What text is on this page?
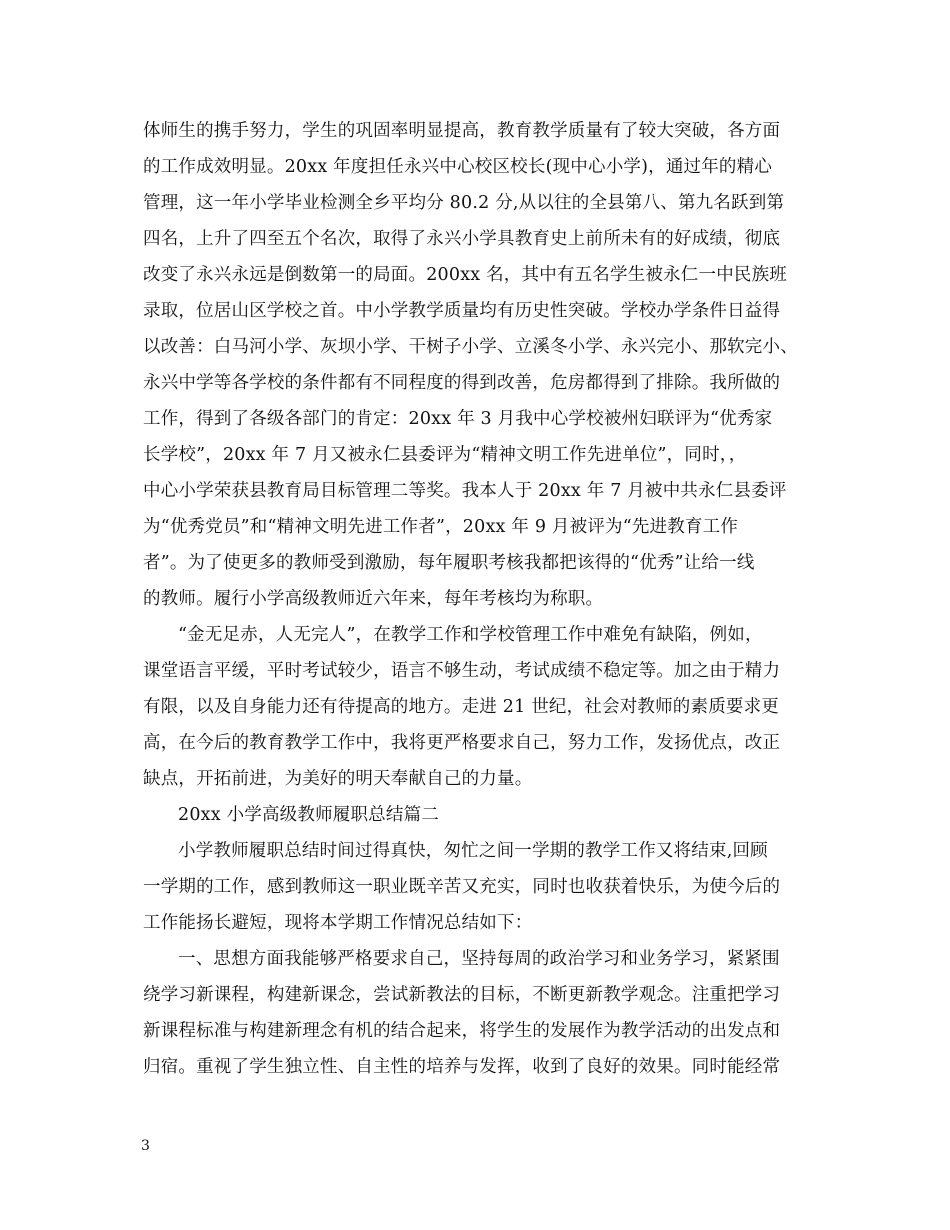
体师生的携手努力，学生的巩固率明显提高，教育教学质量有了较大突破，各方面
的工作成效明显。20xx 年度担任永兴中心校区校长(现中心小学)，通过年的精心
管理，这一年小学毕业检测全乡平均分 80.2 分,从以往的全县第八、第九名跃到第
四名，上升了四至五个名次，取得了永兴小学具教育史上前所未有的好成绩，彻底
改变了永兴永远是倒数第一的局面。200xx 名，其中有五名学生被永仁一中民族班
录取，位居山区学校之首。中小学教学质量均有历史性突破。学校办学条件日益得
以改善：白马河小学、灰坝小学、干树子小学、立溪冬小学、永兴完小、那软完小、
永兴中学等各学校的条件都有不同程度的得到改善，危房都得到了排除。我所做的
工作，得到了各级各部门的肯定：20xx 年 3 月我中心学校被州妇联评为“优秀家
长学校”，20xx 年 7 月又被永仁县委评为“精神文明工作先进单位”，同时，，
中心小学荣获县教育局目标管理二等奖。我本人于 20xx 年 7 月被中共永仁县委评
为“优秀党员”和“精神文明先进工作者”，20xx 年 9 月被评为“先进教育工作
者”。为了使更多的教师受到激励，每年履职考核我都把该得的“优秀”让给一线
的教师。履行小学高级教师近六年来，每年考核均为称职。
“金无足赤，人无完人”，在教学工作和学校管理工作中难免有缺陷，例如，
课堂语言平缓，平时考试较少，语言不够生动，考试成绩不稳定等。加之由于精力
有限，以及自身能力还有待提高的地方。走进 21 世纪，社会对教师的素质要求更
高，在今后的教育教学工作中，我将更严格要求自己，努力工作，发扬优点，改正
缺点，开拓前进，为美好的明天奉献自己的力量。
20xx 小学高级教师履职总结篇二
小学教师履职总结时间过得真快，匆忙之间一学期的教学工作又将结束,回顾
一学期的工作，感到教师这一职业既辛苦又充实，同时也收获着快乐，为使今后的
工作能扬长避短，现将本学期工作情况总结如下：
一、思想方面我能够严格要求自己，坚持每周的政治学习和业务学习，紧紧围
绕学习新课程，构建新课念，尝试新教法的目标，不断更新教学观念。注重把学习
新课程标准与构建新理念有机的结合起来，将学生的发展作为教学活动的出发点和
归宿。重视了学生独立性、自主性的培养与发挥，收到了良好的效果。同时能经常
3
